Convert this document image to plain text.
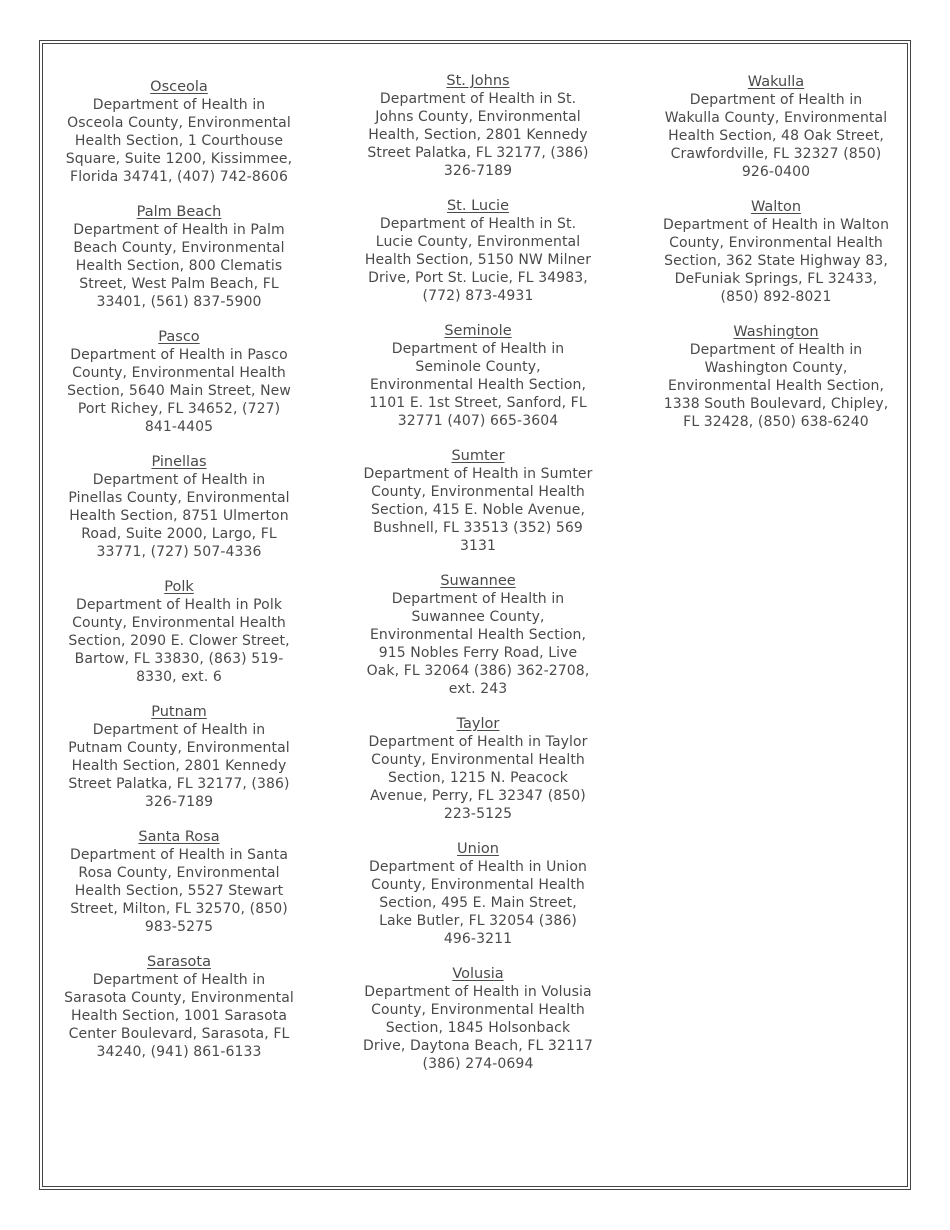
Osceola
Department of Health in Osceola County, Environmental Health Section, 1 Courthouse Square, Suite 1200, Kissimmee, Florida 34741, (407) 742-8606
Palm Beach
Department of Health in Palm Beach County, Environmental Health Section, 800 Clematis Street, West Palm Beach, FL 33401, (561) 837-5900
Pasco
Department of Health in Pasco County, Environmental Health Section, 5640 Main Street, New Port Richey, FL 34652, (727) 841-4405
Pinellas
Department of Health in Pinellas County, Environmental Health Section, 8751 Ulmerton Road, Suite 2000, Largo, FL 33771, (727) 507-4336
Polk
Department of Health in Polk County, Environmental Health Section, 2090 E. Clower Street, Bartow, FL 33830, (863) 519-8330, ext. 6
Putnam
Department of Health in Putnam County, Environmental Health Section, 2801 Kennedy Street Palatka, FL 32177, (386) 326-7189
Santa Rosa
Department of Health in Santa Rosa County, Environmental Health Section, 5527 Stewart Street, Milton, FL 32570, (850) 983-5275
Sarasota
Department of Health in Sarasota County, Environmental Health Section, 1001 Sarasota Center Boulevard, Sarasota, FL 34240, (941) 861-6133
St. Johns
Department of Health in St. Johns County, Environmental Health, Section, 2801 Kennedy Street Palatka, FL 32177, (386) 326-7189
St. Lucie
Department of Health in St. Lucie County, Environmental Health Section, 5150 NW Milner Drive, Port St. Lucie, FL 34983, (772) 873-4931
Seminole
Department of Health in Seminole County, Environmental Health Section, 1101 E. 1st Street, Sanford, FL 32771 (407) 665-3604
Sumter
Department of Health in Sumter County, Environmental Health Section, 415 E. Noble Avenue, Bushnell, FL 33513 (352) 569 3131
Suwannee
Department of Health in Suwannee County, Environmental Health Section, 915 Nobles Ferry Road, Live Oak, FL 32064 (386) 362-2708, ext. 243
Taylor
Department of Health in Taylor County, Environmental Health Section, 1215 N. Peacock Avenue, Perry, FL 32347 (850) 223-5125
Union
Department of Health in Union County, Environmental Health Section, 495 E. Main Street, Lake Butler, FL 32054 (386) 496-3211
Volusia
Department of Health in Volusia County, Environmental Health Section, 1845 Holsonback Drive, Daytona Beach, FL 32117 (386) 274-0694
Wakulla
Department of Health in Wakulla County, Environmental Health Section, 48 Oak Street, Crawfordville, FL 32327 (850) 926-0400
Walton
Department of Health in Walton County, Environmental Health Section, 362 State Highway 83, DeFuniak Springs, FL 32433, (850) 892-8021
Washington
Department of Health in Washington County, Environmental Health Section, 1338 South Boulevard, Chipley, FL 32428, (850) 638-6240
